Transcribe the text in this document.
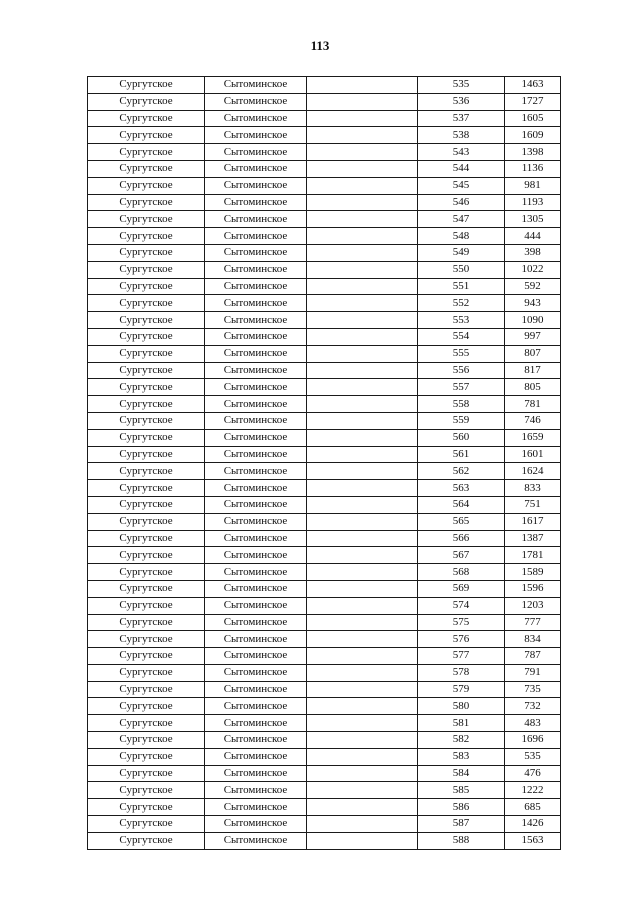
113
Сургутское	Сытоминское		535	1463
Сургутское	Сытоминское		536	1727
Сургутское	Сытоминское		537	1605
Сургутское	Сытоминское		538	1609
Сургутское	Сытоминское		543	1398
Сургутское	Сытоминское		544	1136
Сургутское	Сытоминское		545	981
Сургутское	Сытоминское		546	1193
Сургутское	Сытоминское		547	1305
Сургутское	Сытоминское		548	444
Сургутское	Сытоминское		549	398
Сургутское	Сытоминское		550	1022
Сургутское	Сытоминское		551	592
Сургутское	Сытоминское		552	943
Сургутское	Сытоминское		553	1090
Сургутское	Сытоминское		554	997
Сургутское	Сытоминское		555	807
Сургутское	Сытоминское		556	817
Сургутское	Сытоминское		557	805
Сургутское	Сытоминское		558	781
Сургутское	Сытоминское		559	746
Сургутское	Сытоминское		560	1659
Сургутское	Сытоминское		561	1601
Сургутское	Сытоминское		562	1624
Сургутское	Сытоминское		563	833
Сургутское	Сытоминское		564	751
Сургутское	Сытоминское		565	1617
Сургутское	Сытоминское		566	1387
Сургутское	Сытоминское		567	1781
Сургутское	Сытоминское		568	1589
Сургутское	Сытоминское		569	1596
Сургутское	Сытоминское		574	1203
Сургутское	Сытоминское		575	777
Сургутское	Сытоминское		576	834
Сургутское	Сытоминское		577	787
Сургутское	Сытоминское		578	791
Сургутское	Сытоминское		579	735
Сургутское	Сытоминское		580	732
Сургутское	Сытоминское		581	483
Сургутское	Сытоминское		582	1696
Сургутское	Сытоминское		583	535
Сургутское	Сытоминское		584	476
Сургутское	Сытоминское		585	1222
Сургутское	Сытоминское		586	685
Сургутское	Сытоминское		587	1426
Сургутское	Сытоминское		588	1563
